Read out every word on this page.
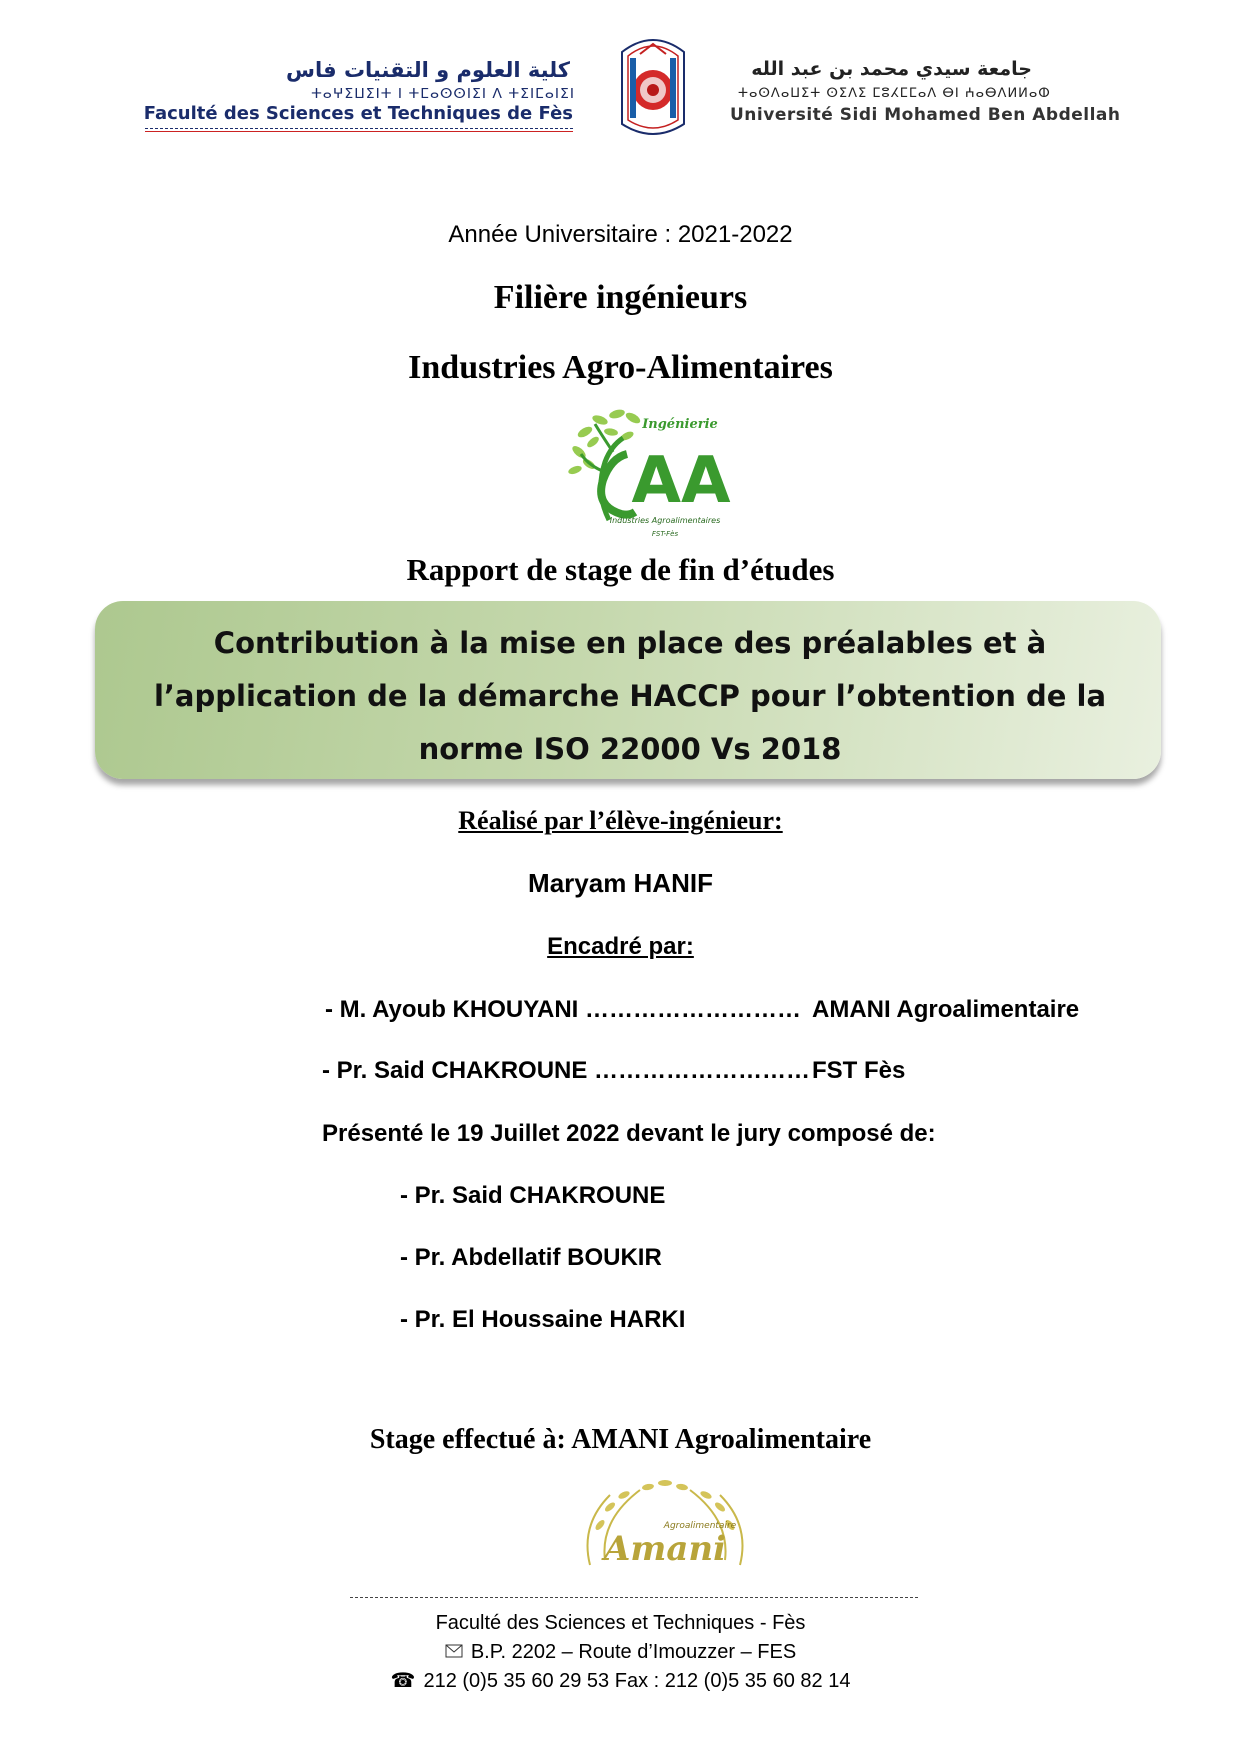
كلية العلوم و التقنيات فاس
ⵜⴰⵖⵉⵡⵉⵏⵜ ⵏ ⵜⵎⴰⵙⵙⵏⵉⵏ ⴷ ⵜⵉⵏⵎⴰⵏⵉⵏ
Faculté des Sciences et Techniques de Fès
جامعة سيدي محمد بن عبد الله
ⵜⴰⵙⴷⴰⵡⵉⵜ ⵙⵉⴷⵉ ⵎⵓⵃⵎⵎⴰⴷ ⴱⵏ ⵄⴰⴱⴷⵍⵍⴰⵀ
Université Sidi Mohamed Ben Abdellah
Année Universitaire : 2021-2022
Filière ingénieurs
Industries Agro-Alimentaires
Ingénierie
AA
Industries Agroalimentaires
FST-Fès
Rapport de stage de fin d’études
Contribution à la mise en place des préalables et à l’application de la démarche HACCP pour l’obtention de la norme ISO 22000 Vs 2018
Réalisé par l’élève-ingénieur:
Maryam HANIF
Encadré par:
- M. Ayoub KHOUYANI ……………………… AMANI Agroalimentaire
- Pr. Said CHAKROUNE ……………………… FST Fès
Présenté le 19 Juillet 2022 devant le jury composé de:
- Pr. Said CHAKROUNE
- Pr. Abdellatif BOUKIR
- Pr. El Houssaine HARKI
Stage effectué à: AMANI Agroalimentaire
Agroalimentaire
Amani
Faculté des Sciences et Techniques - Fès
B.P. 2202 – Route d’Imouzzer – FES
☎ 212 (0)5 35 60 29 53 Fax : 212 (0)5 35 60 82 14
